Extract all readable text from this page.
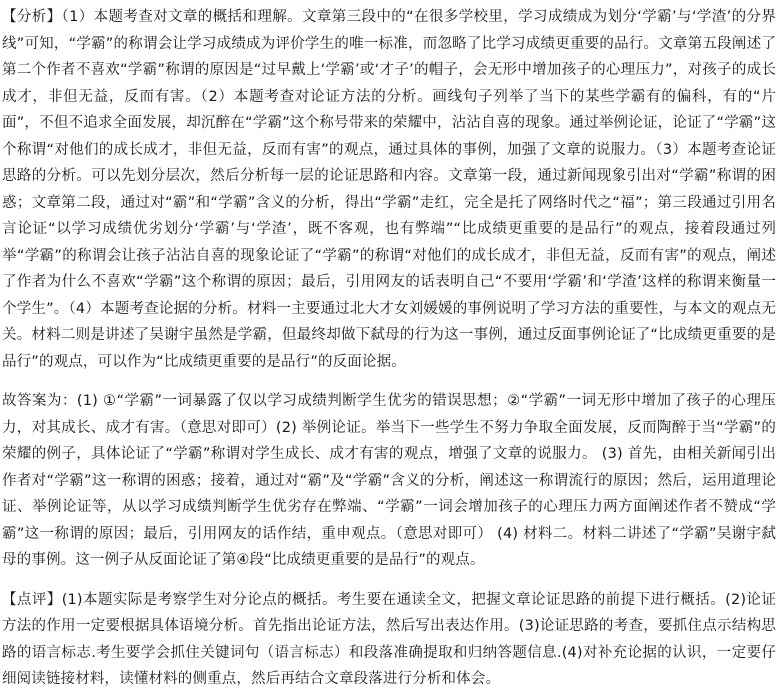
【分析】（1）本题考查对文章的概括和理解。文章第三段中的“在很多学校里，学习成绩成为划分‘学霸’与‘学渣’的分界线”可知，“学霸”的称谓会让学习成绩成为评价学生的唯一标准，而忽略了比学习成绩更重要的品行。文章第五段阐述了第二个作者不喜欢“学霸”称谓的原因是“过早戴上‘学霸’或‘才子’的帽子，会无形中增加孩子的心理压力”，对孩子的成长成才，非但无益，反而有害。（2）本题考查对论证方法的分析。画线句子列举了当下的某些学霸有的偏科，有的“片面”，不但不追求全面发展，却沉醉在“学霸”这个称号带来的荣耀中，沾沾自喜的现象。通过举例论证，论证了“学霸”这个称谓“对他们的成长成才，非但无益，反而有害”的观点，通过具体的事例，加强了文章的说服力。（3）本题考查论证思路的分析。可以先划分层次，然后分析每一层的论证思路和内容。文章第一段，通过新闻现象引出对“学霸”称谓的困惑；文章第二段，通过对“霸”和“学霸”含义的分析，得出“学霸”走红，完全是托了网络时代之“福”；第三段通过引用名言论证“以学习成绩优劣划分‘学霸’与‘学渣’，既不客观，也有弊端”“比成绩更重要的是品行”的观点，接着段通过列举“学霸”的称谓会让孩子沾沾自喜的现象论证了“学霸”的称谓“对他们的成长成才，非但无益，反而有害”的观点，阐述了作者为什么不喜欢“学霸”这个称谓的原因；最后，引用网友的话表明自己“不要用‘学霸’和‘学渣’这样的称谓来衡量一个学生”。（4）本题考查论据的分析。材料一主要通过北大才女刘媛媛的事例说明了学习方法的重要性，与本文的观点无关。材料二则是讲述了吴谢宇虽然是学霸，但最终却做下弑母的行为这一事例，通过反面事例论证了“比成绩更重要的是品行”的观点，可以作为“比成绩更重要的是品行”的反面论据。

故答案为：(1) ①“学霸”一词暴露了仅以学习成绩判断学生优劣的错误思想；②“学霸”一词无形中增加了孩子的心理压力，对其成长、成才有害。（意思对即可）(2) 举例论证。举当下一些学生不努力争取全面发展，反而陶醉于当“学霸”的荣耀的例子，具体论证了“学霸”称谓对学生成长、成才有害的观点，增强了文章的说服力。 (3) 首先，由相关新闻引出作者对“学霸”这一称谓的困惑；接着，通过对“霸”及“学霸”含义的分析，阐述这一称谓流行的原因；然后，运用道理论证、举例论证等，从以学习成绩判断学生优劣存在弊端、“学霸”一词会增加孩子的心理压力两方面阐述作者不赞成“学霸”这一称谓的原因；最后，引用网友的话作结，重申观点。（意思对即可） (4) 材料二。材料二讲述了“学霸”吴谢宇弑母的事例。这一例子从反面论证了第④段“比成绩更重要的是品行”的观点。

【点评】(1)本题实际是考察学生对分论点的概括。考生要在通读全文，把握文章论证思路的前提下进行概括。(2)论证方法的作用一定要根据具体语境分析。首先指出论证方法，然后写出表达作用。(3)论证思路的考查，要抓住点示结构思路的语言标志.考生要学会抓住关键词句（语言标志）和段落准确提取和归纳答题信息.(4)对补充论据的认识，一定要仔细阅读链接材料，读懂材料的侧重点，然后再结合文章段落进行分析和体会。
